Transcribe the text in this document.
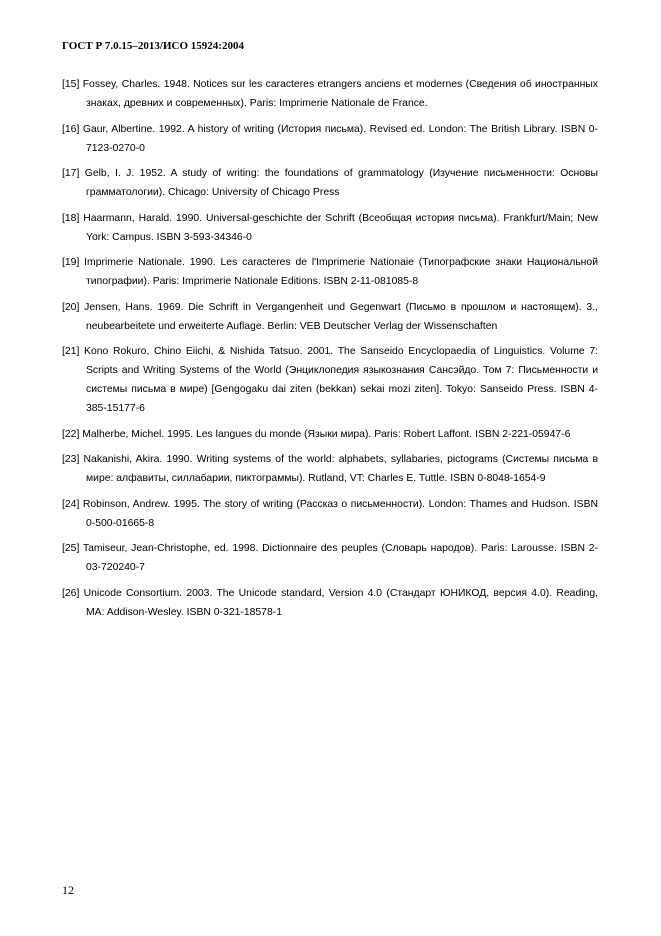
ГОСТ Р 7.0.15–2013/ИСО 15924:2004

[15] Fossey, Charles. 1948. Notices sur les caracteres etrangers anciens et modernes (Сведения об иностранных знаках, древних и современных). Paris: Imprimerie Nationale de France.

[16] Gaur, Albertine. 1992. A history of writing (История письма). Revised ed. London: The British Library. ISBN 0-7123-0270-0

[17] Gelb, I. J. 1952. A study of writing: the foundations of grammatology (Изучение письменности: Основы грамматологии). Chicago: University of Chicago Press

[18] Haarmann, Harald. 1990. Universal-geschichte der Schrift (Всеобщая история письма). Frankfurt/Main; New York: Campus. ISBN 3-593-34346-0

[19] Imprimerie Nationale. 1990. Les caracteres de l'Imprimerie Nationaie (Типографские знаки Национальной типографии). Paris: Imprimerie Nationale Editions. ISBN 2-11-081085-8

[20] Jensen, Hans. 1969. Die Schrift in Vergangenheit und Gegenwart (Письмо в прошлом и настоящем). 3., neubearbeitete und erweiterte Auflage. Berlin: VEB Deutscher Verlag der Wissenschaften

[21] Kono Rokuro, Chino Eiichi, & Nishida Tatsuo. 2001. The Sanseido Encyclopaedia of Linguistics. Volume 7: Scripts and Writing Systems of the World (Энциклопедия языкознания Сансэйдо. Том 7: Письменности и системы письма в мире) [Gengogaku dai ziten (bekkan) sekai mozi ziten]. Tokyo: Sanseido Press. ISBN 4-385-15177-6

[22] Malherbe, Michel. 1995. Les langues du monde (Языки мира). Paris: Robert Laffont. ISBN 2-221-05947-6

[23] Nakanishi, Akira. 1990. Writing systems of the world: alphabets, syllabaries, pictograms (Системы письма в мире: алфавиты, силлабарии, пиктограммы). Rutland, VT: Charles E. Tuttle. ISBN 0-8048-1654-9

[24] Robinson, Andrew. 1995. The story of writing (Рассказ о письменности). London: Thames and Hudson. ISBN 0-500-01665-8

[25] Tamiseur, Jean-Christophe, ed. 1998. Dictionnaire des peuples (Словарь народов). Paris: Larousse. ISBN 2-03-720240-7

[26] Unicode Consortium. 2003. The Unicode standard, Version 4.0 (Стандарт ЮНИКОД, версия 4.0). Reading, MA: Addison-Wesley. ISBN 0-321-18578-1

12
